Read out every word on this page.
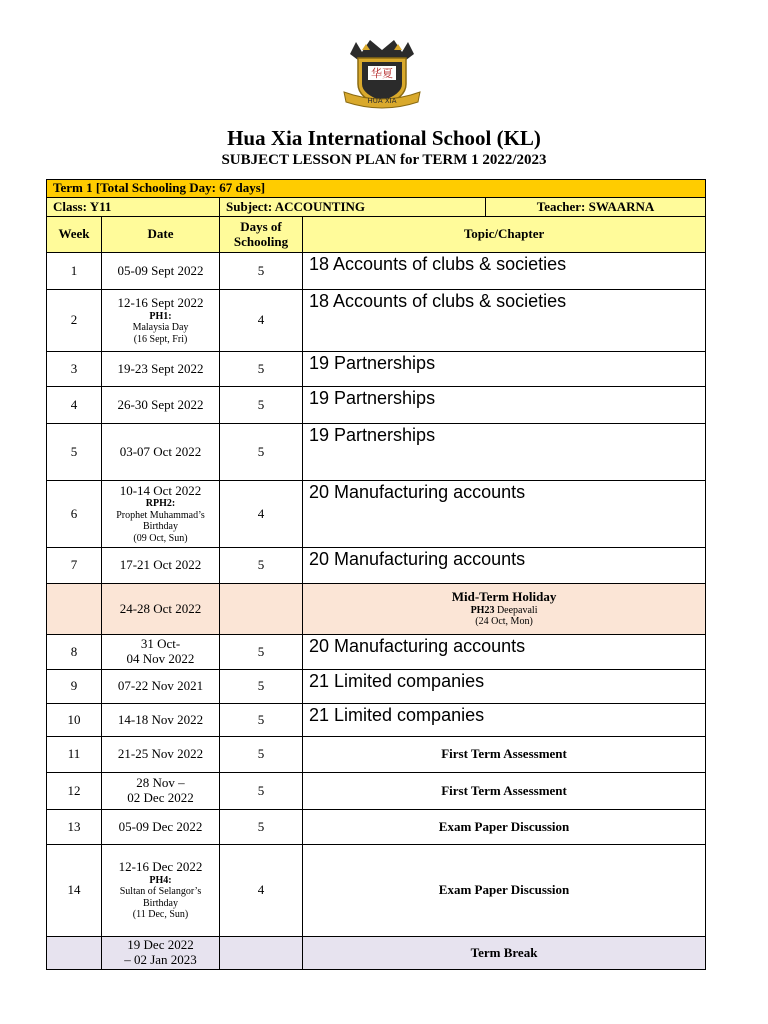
华夏
HUA XIA
Hua Xia International School (KL)
SUBJECT LESSON PLAN for TERM 1 2022/2023
Term 1 [Total Schooling Day: 67 days]				
Class: Y11		Subject: ACCOUNTING		Teacher: SWAARNA
Week	Date	Days of Schooling	Topic/Chapter	
1	05-09 Sept 2022	5	18 Accounts of clubs & societies	
2	12-16 Sept 2022
PH1:
Malaysia Day
(16 Sept, Fri)	4	18 Accounts of clubs & societies	
3	19-23 Sept 2022	5	19 Partnerships	
4	26-30 Sept 2022	5	19 Partnerships	
5	03-07 Oct 2022	5	19 Partnerships	
6	10-14 Oct 2022
RPH2:
Prophet Muhammad’s
Birthday
(09 Oct, Sun)	4	20 Manufacturing accounts	
7	17-21 Oct 2022	5	20 Manufacturing accounts	
	24-28 Oct 2022		Mid-Term Holiday
PH23 Deepavali
(24 Oct, Mon)	

8	31 Oct-
04 Nov 2022	5	20 Manufacturing accounts	
9	07-22 Nov 2021	5	21 Limited companies	
10	14-18 Nov 2022	5	21 Limited companies	
11	21-25 Nov 2022	5	First Term Assessment	
12	28 Nov –
02 Dec 2022	5	First Term Assessment	
13	05-09 Dec 2022	5	Exam Paper Discussion	
14	12-16 Dec 2022
PH4:
Sultan of Selangor’s
Birthday
(11 Dec, Sun)	4	Exam Paper Discussion	

	19 Dec 2022
– 02 Jan 2023		Term Break	
